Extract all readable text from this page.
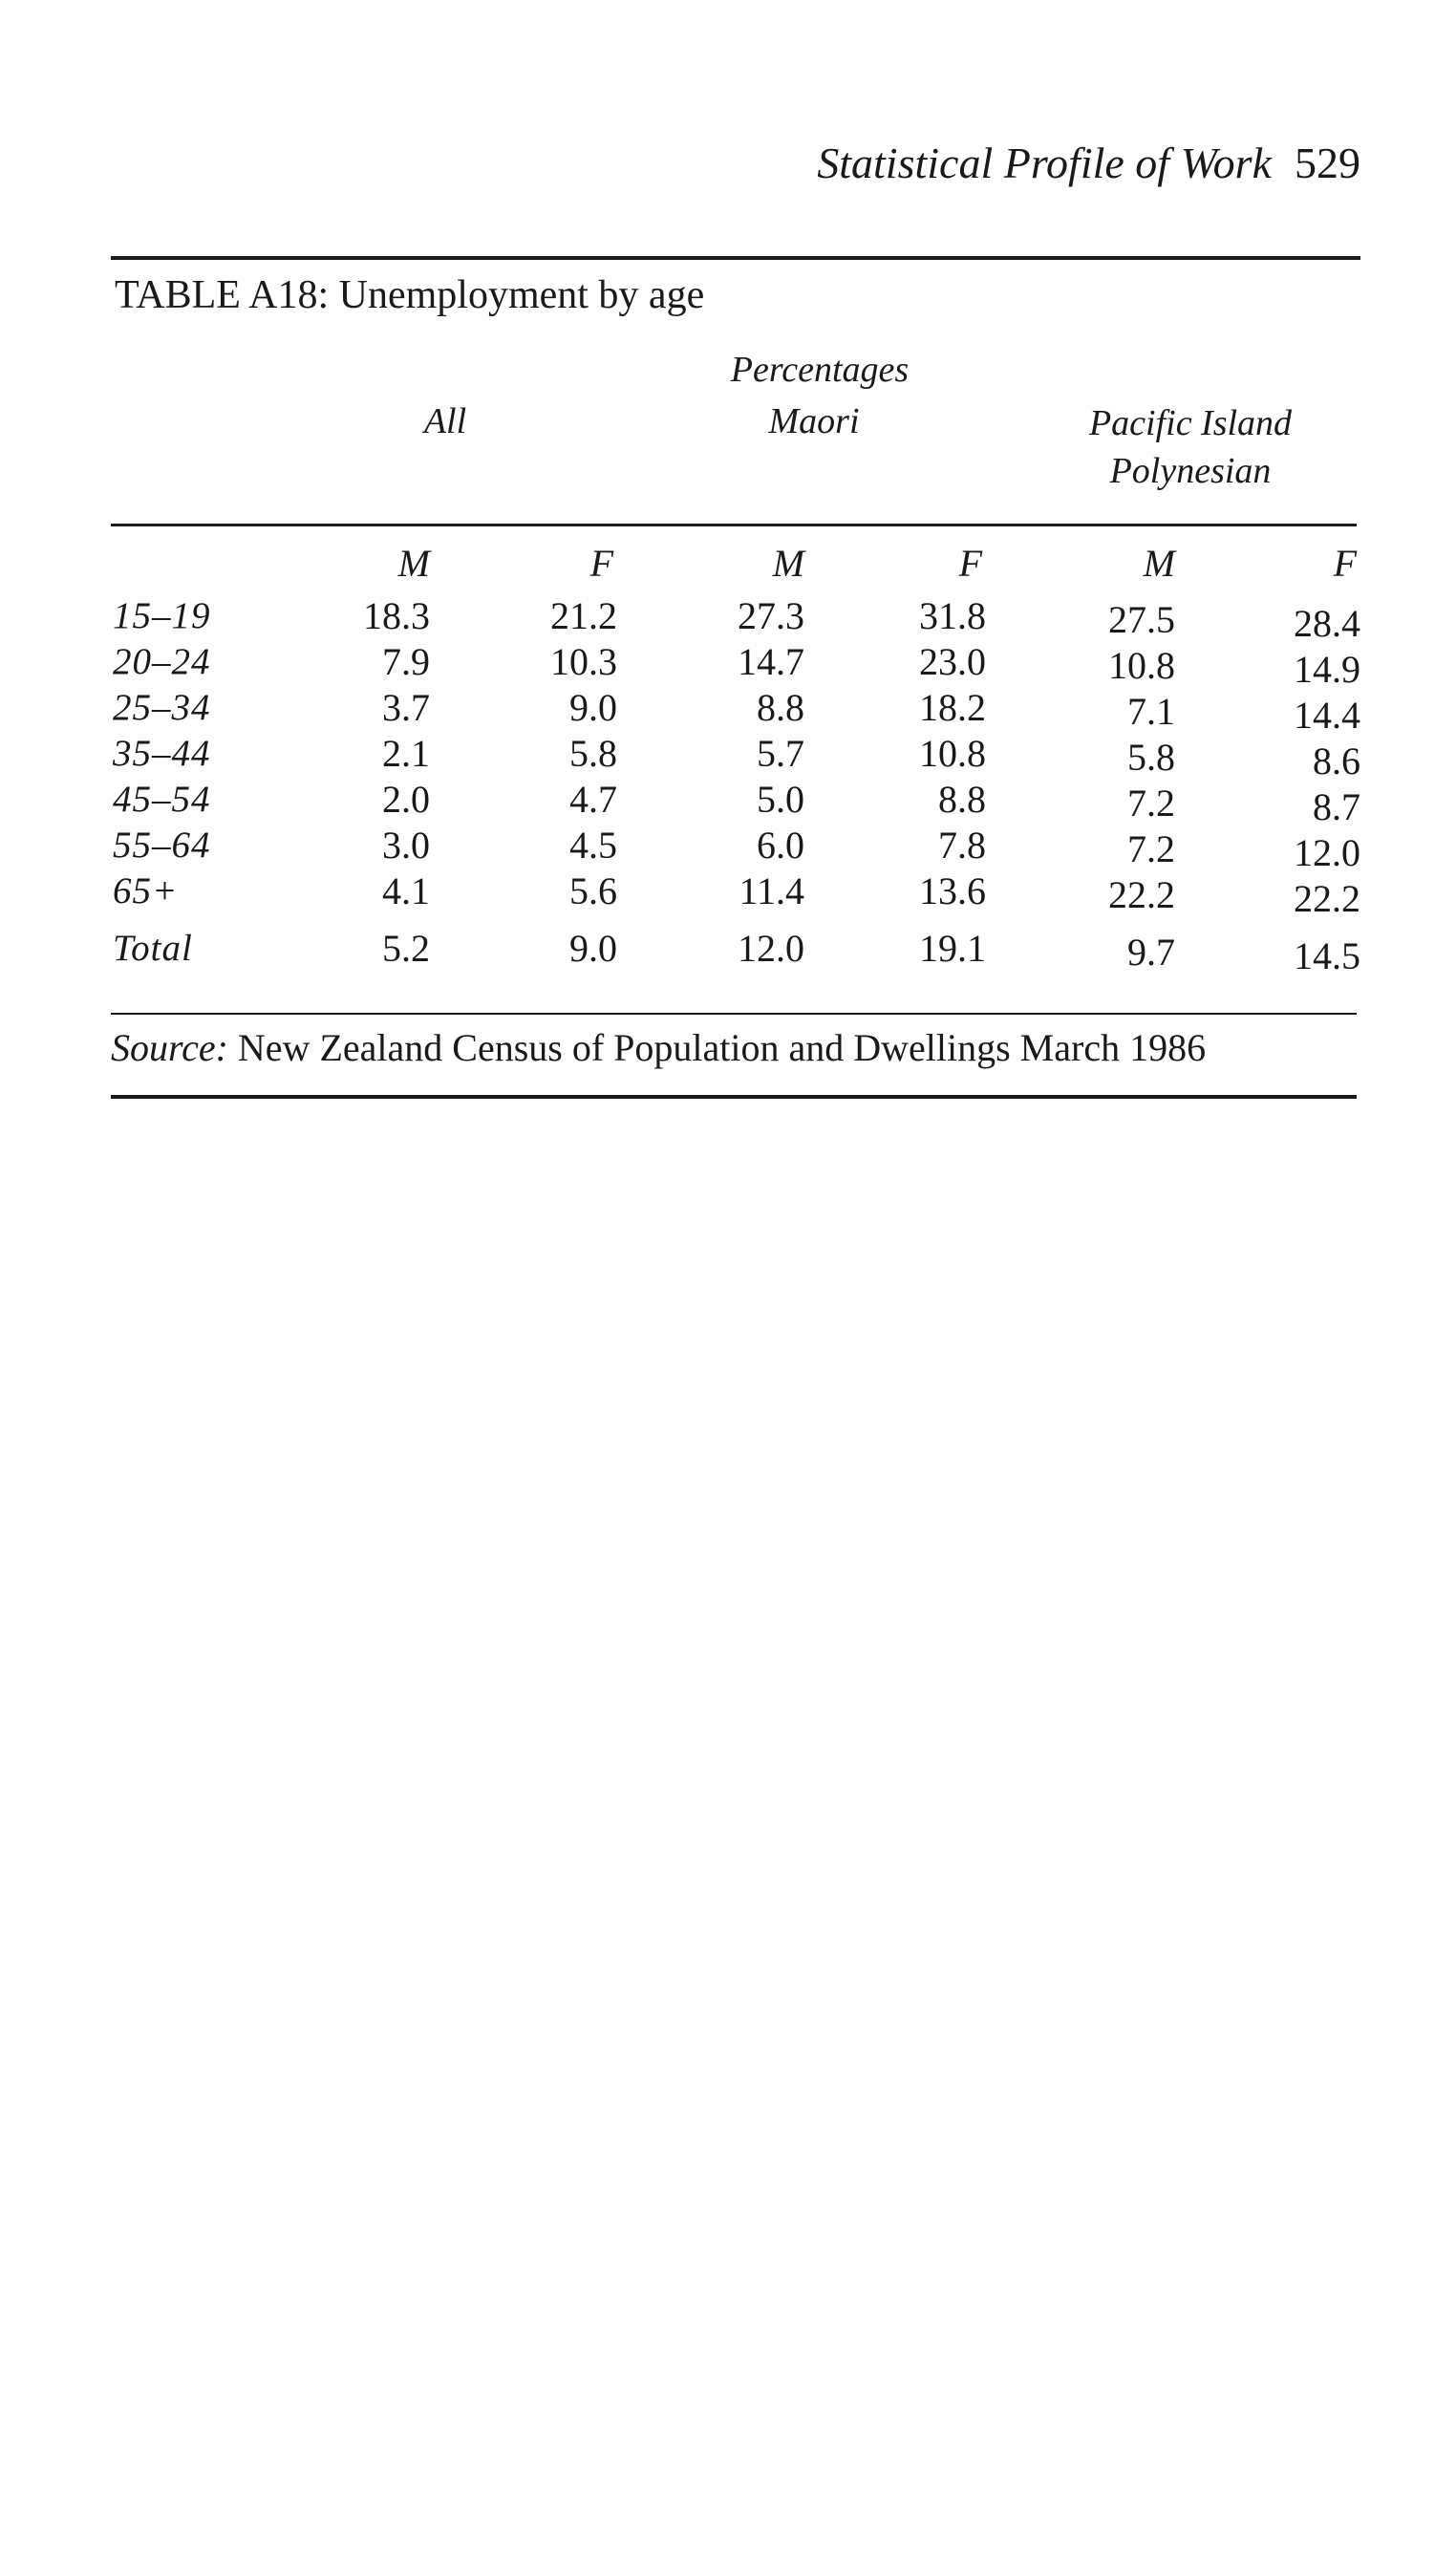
Statistical Profile of Work 529
TABLE A18: Unemployment by age
Percentages
All	Maori	Pacific Island
Polynesian
M	F	M	F	M	F
15–19	18.3	21.2	27.3	31.8	27.5	28.4
20–24	7.9	10.3	14.7	23.0	10.8	14.9
25–34	3.7	9.0	8.8	18.2	7.1	14.4
35–44	2.1	5.8	5.7	10.8	5.8	8.6
45–54	2.0	4.7	5.0	8.8	7.2	8.7
55–64	3.0	4.5	6.0	7.8	7.2	12.0
65+	4.1	5.6	11.4	13.6	22.2	22.2
Total	5.2	9.0	12.0	19.1	9.7	14.5
Source: New Zealand Census of Population and Dwellings March 1986
